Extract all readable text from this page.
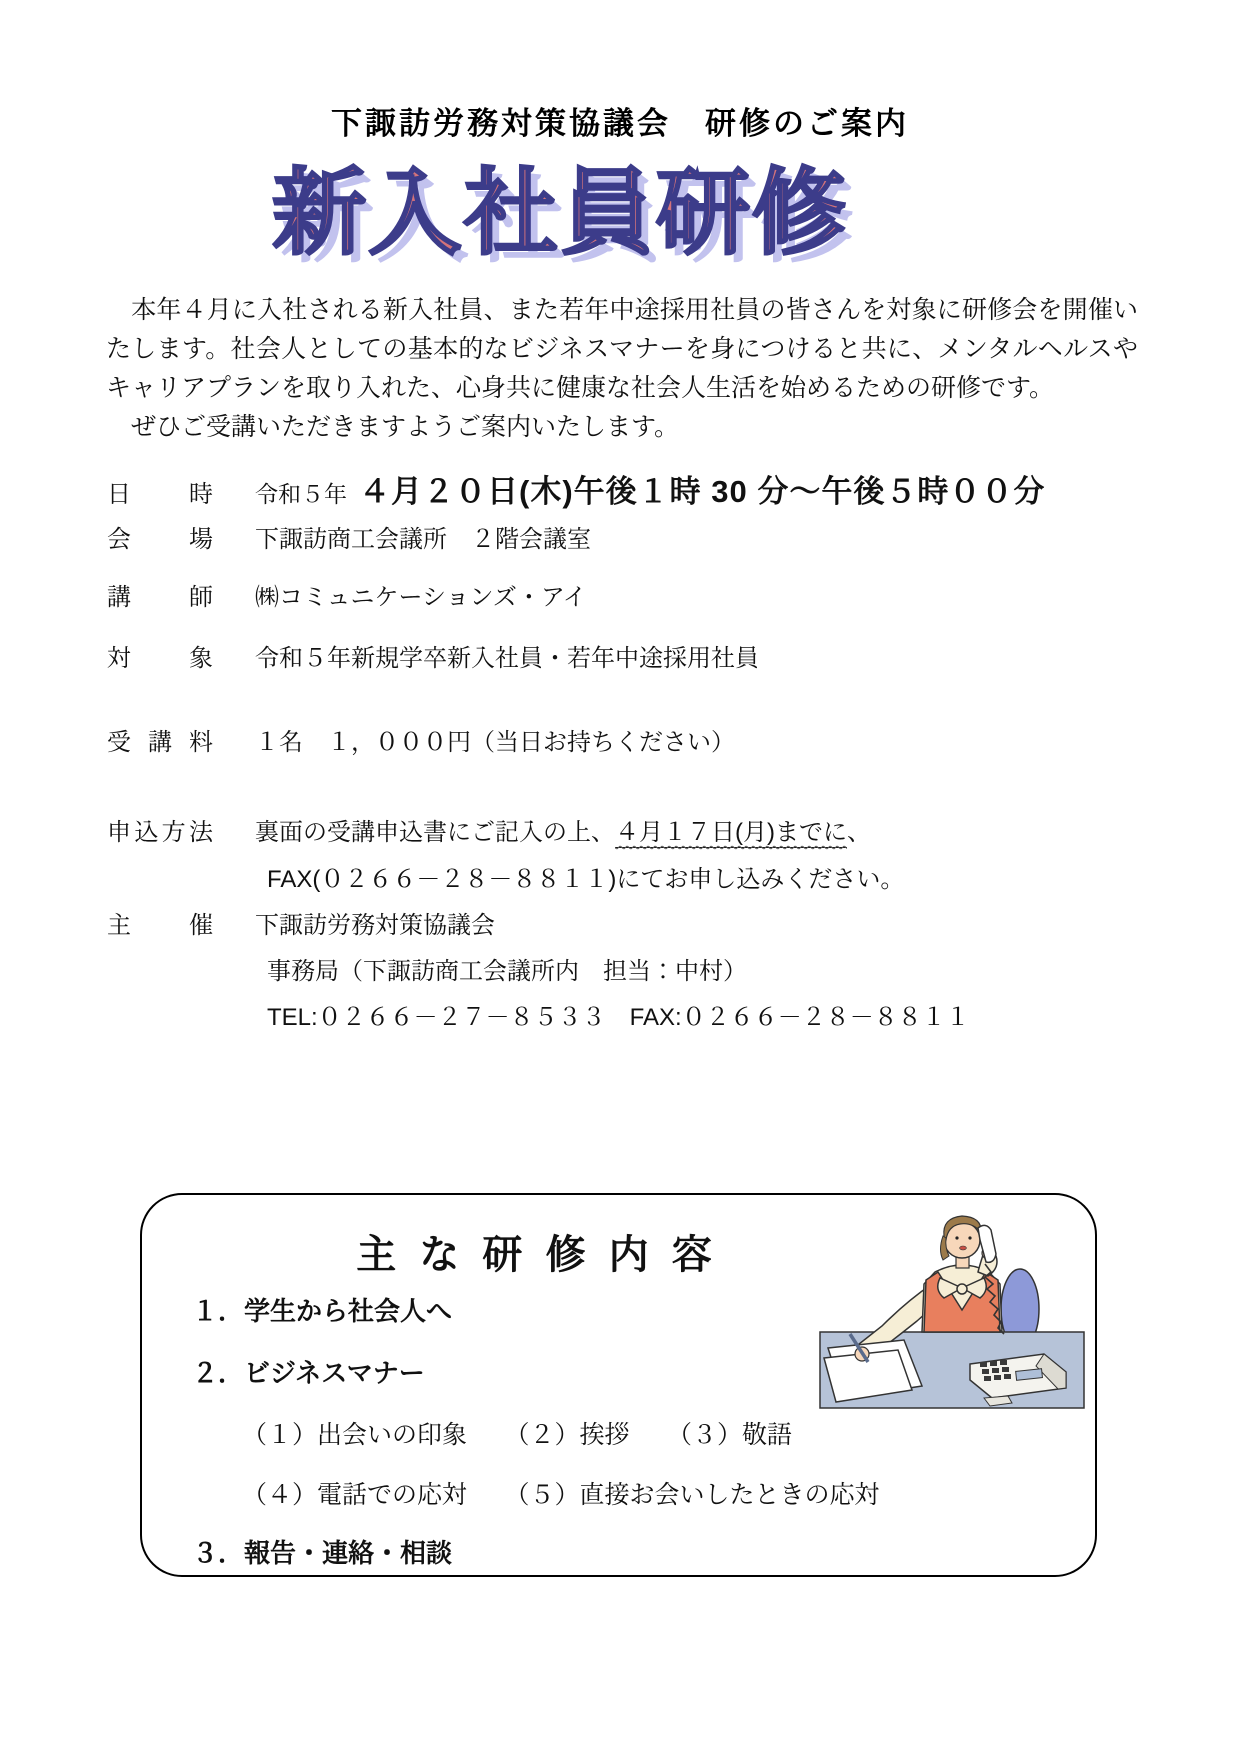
下諏訪労務対策協議会　研修のご案内
新入社員研修

　本年４月に入社される新入社員、また若年中途採用社員の皆さんを対象に研修会を開催いたします。社会人としての基本的なビジネスマナーを身につけると共に、メンタルヘルスやキャリアプランを取り入れた、心身共に健康な社会人生活を始めるための研修です。

　ぜひご受講いただきますようご案内いたします。

日時 令和５年 ４月２０日(木)午後１時 30 分～午後５時００分
会場 下諏訪商工会議所　２階会議室
講師 ㈱コミュニケーションズ・アイ
対象 令和５年新規学卒新入社員・若年中途採用社員
受講料 １名　１，０００円（当日お持ちください）
申込方法 裏面の受講申込書にご記入の上、４月１７日(月)までに、
FAX(０２６６－２８－８８１１)にてお申し込みください。
主催 下諏訪労務対策協議会
事務局（下諏訪商工会議所内　担当：中村）
TEL:０２６６－２７－８５３３　FAX:０２６６－２８－８８１１
主 な 研 修 内 容
１．学生から社会人へ
２．ビジネスマナー
（１）出会いの印象　　（２）挨拶　　（３）敬語
（４）電話での応対　　（５）直接お会いしたときの応対
３．報告・連絡・相談
